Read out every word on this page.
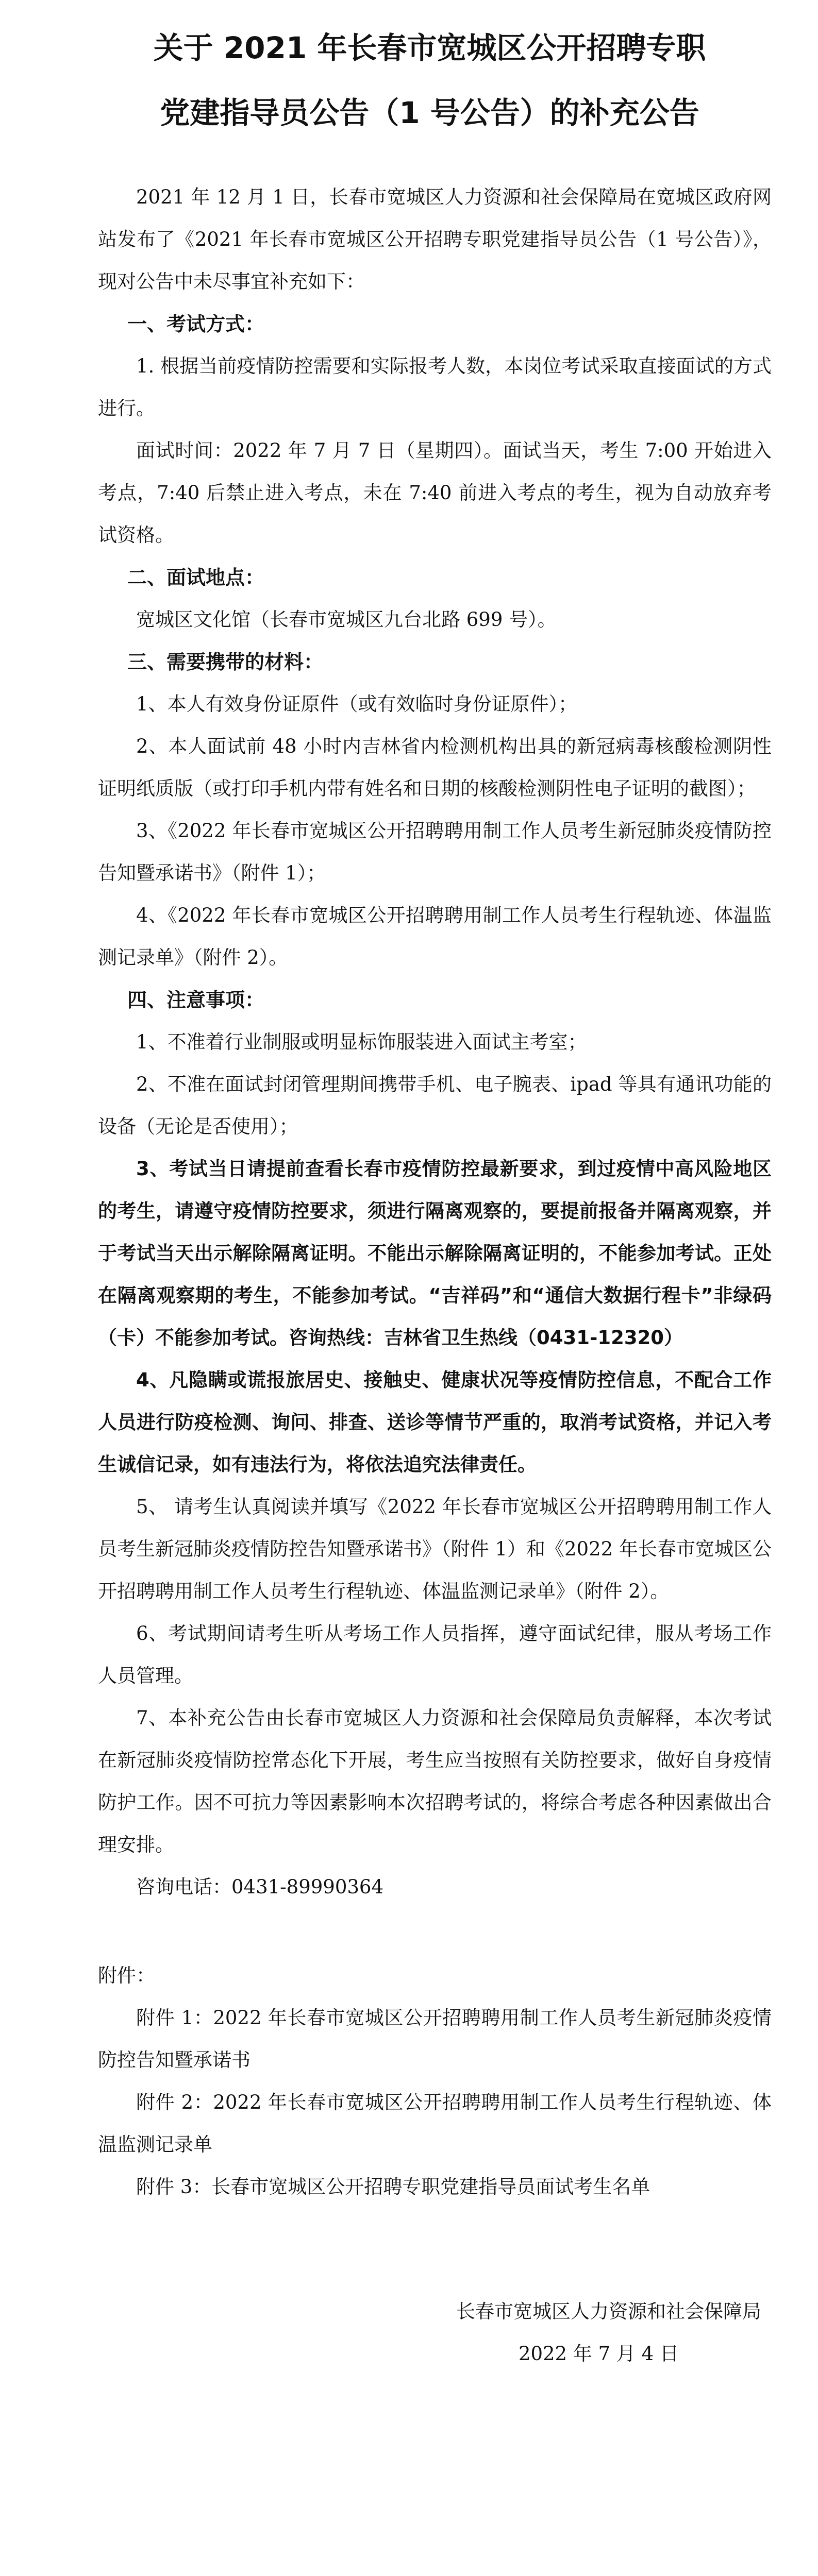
关于 2021 年长春市宽城区公开招聘专职
党建指导员公告（1 号公告）的补充公告

2021 年 12 月 1 日，长春市宽城区人力资源和社会保障局在宽城区政府网站发布了《2021 年长春市宽城区公开招聘专职党建指导员公告（1 号公告）》，现对公告中未尽事宜补充如下：

一、考试方式：

1. 根据当前疫情防控需要和实际报考人数，本岗位考试采取直接面试的方式进行。

面试时间：2022 年 7 月 7 日（星期四）。面试当天，考生 7:00 开始进入考点，7:40 后禁止进入考点，未在 7:40 前进入考点的考生，视为自动放弃考试资格。

二、面试地点：

宽城区文化馆（长春市宽城区九台北路 699 号）。

三、需要携带的材料：

1、本人有效身份证原件（或有效临时身份证原件）；

2、本人面试前 48 小时内吉林省内检测机构出具的新冠病毒核酸检测阴性证明纸质版（或打印手机内带有姓名和日期的核酸检测阴性电子证明的截图）；

3、《2022 年长春市宽城区公开招聘聘用制工作人员考生新冠肺炎疫情防控告知暨承诺书》（附件 1）；

4、《2022 年长春市宽城区公开招聘聘用制工作人员考生行程轨迹、体温监测记录单》（附件 2）。

四、注意事项：

1、不准着行业制服或明显标饰服装进入面试主考室；

2、不准在面试封闭管理期间携带手机、电子腕表、ipad 等具有通讯功能的设备（无论是否使用）；

3、考试当日请提前查看长春市疫情防控最新要求，到过疫情中高风险地区的考生，请遵守疫情防控要求，须进行隔离观察的，要提前报备并隔离观察，并于考试当天出示解除隔离证明。不能出示解除隔离证明的，不能参加考试。正处在隔离观察期的考生，不能参加考试。“吉祥码”和“通信大数据行程卡”非绿码（卡）不能参加考试。咨询热线：吉林省卫生热线（0431-12320）

4、凡隐瞒或谎报旅居史、接触史、健康状况等疫情防控信息，不配合工作人员进行防疫检测、询问、排查、送诊等情节严重的，取消考试资格，并记入考生诚信记录，如有违法行为，将依法追究法律责任。

5、 请考生认真阅读并填写《2022 年长春市宽城区公开招聘聘用制工作人员考生新冠肺炎疫情防控告知暨承诺书》（附件 1）和《2022 年长春市宽城区公开招聘聘用制工作人员考生行程轨迹、体温监测记录单》（附件 2）。

6、考试期间请考生听从考场工作人员指挥，遵守面试纪律，服从考场工作人员管理。

7、本补充公告由长春市宽城区人力资源和社会保障局负责解释，本次考试在新冠肺炎疫情防控常态化下开展，考生应当按照有关防控要求，做好自身疫情防护工作。因不可抗力等因素影响本次招聘考试的，将综合考虑各种因素做出合理安排。

咨询电话：0431-89990364

附件：

附件 1：2022 年长春市宽城区公开招聘聘用制工作人员考生新冠肺炎疫情防控告知暨承诺书

附件 2：2022 年长春市宽城区公开招聘聘用制工作人员考生行程轨迹、体温监测记录单

附件 3：长春市宽城区公开招聘专职党建指导员面试考生名单

长春市宽城区人力资源和社会保障局

2022 年 7 月 4 日
